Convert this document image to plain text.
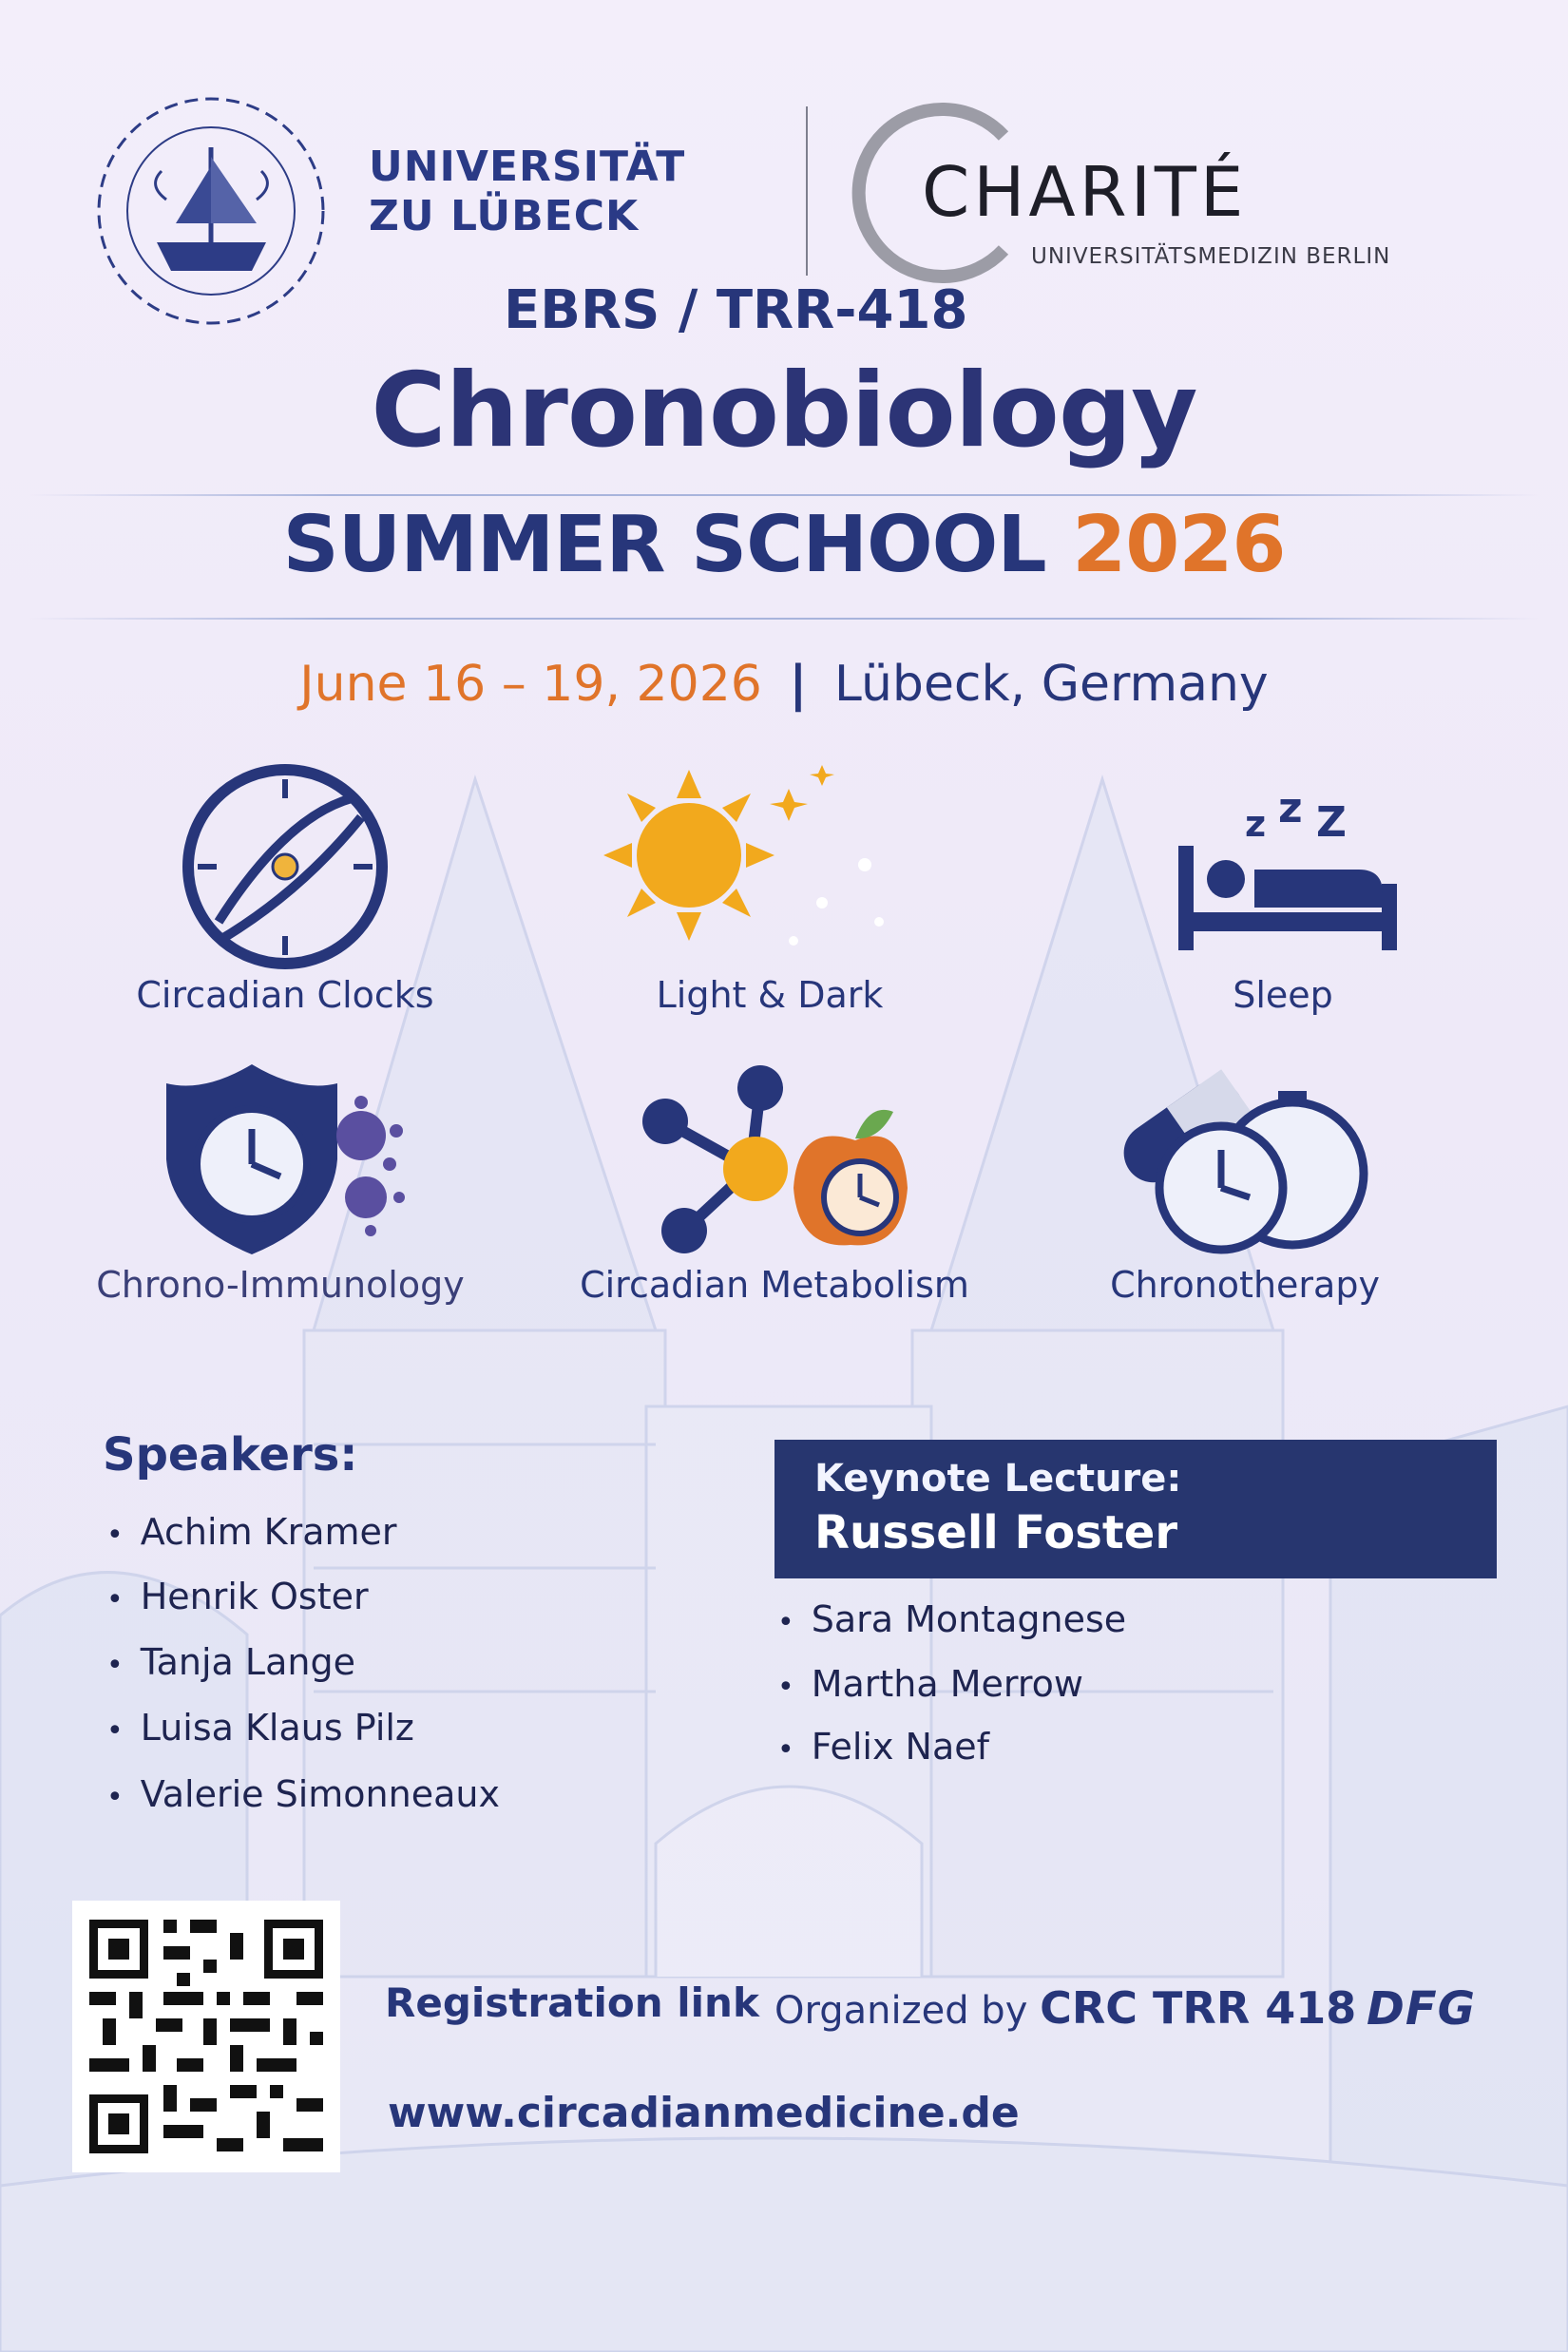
UNIVERSITÄT
ZU LÜBECK	CHARITÉ
UNIVERSITÄTSMEDIZIN BERLIN
EBRS / TRR-418
Chronobiology
SUMMER SCHOOL 2026
June 16 – 19, 2026 | Lübeck, Germany
Circadian Clocks	Light & Dark
z z Z
Sleep
Chrono-Immunology	Circadian Metabolism	Chronotherapy
Speakers:
• Achim Kramer
• Henrik Oster
• Tanja Lange
• Luisa Klaus Pilz
• Valerie Simonneaux
Keynote Lecture:
Russell Foster
• Sara Montagnese
• Martha Merrow
• Felix Naef
Registration link Organized by CRC TRR 418 DFG
www.circadianmedicine.de
